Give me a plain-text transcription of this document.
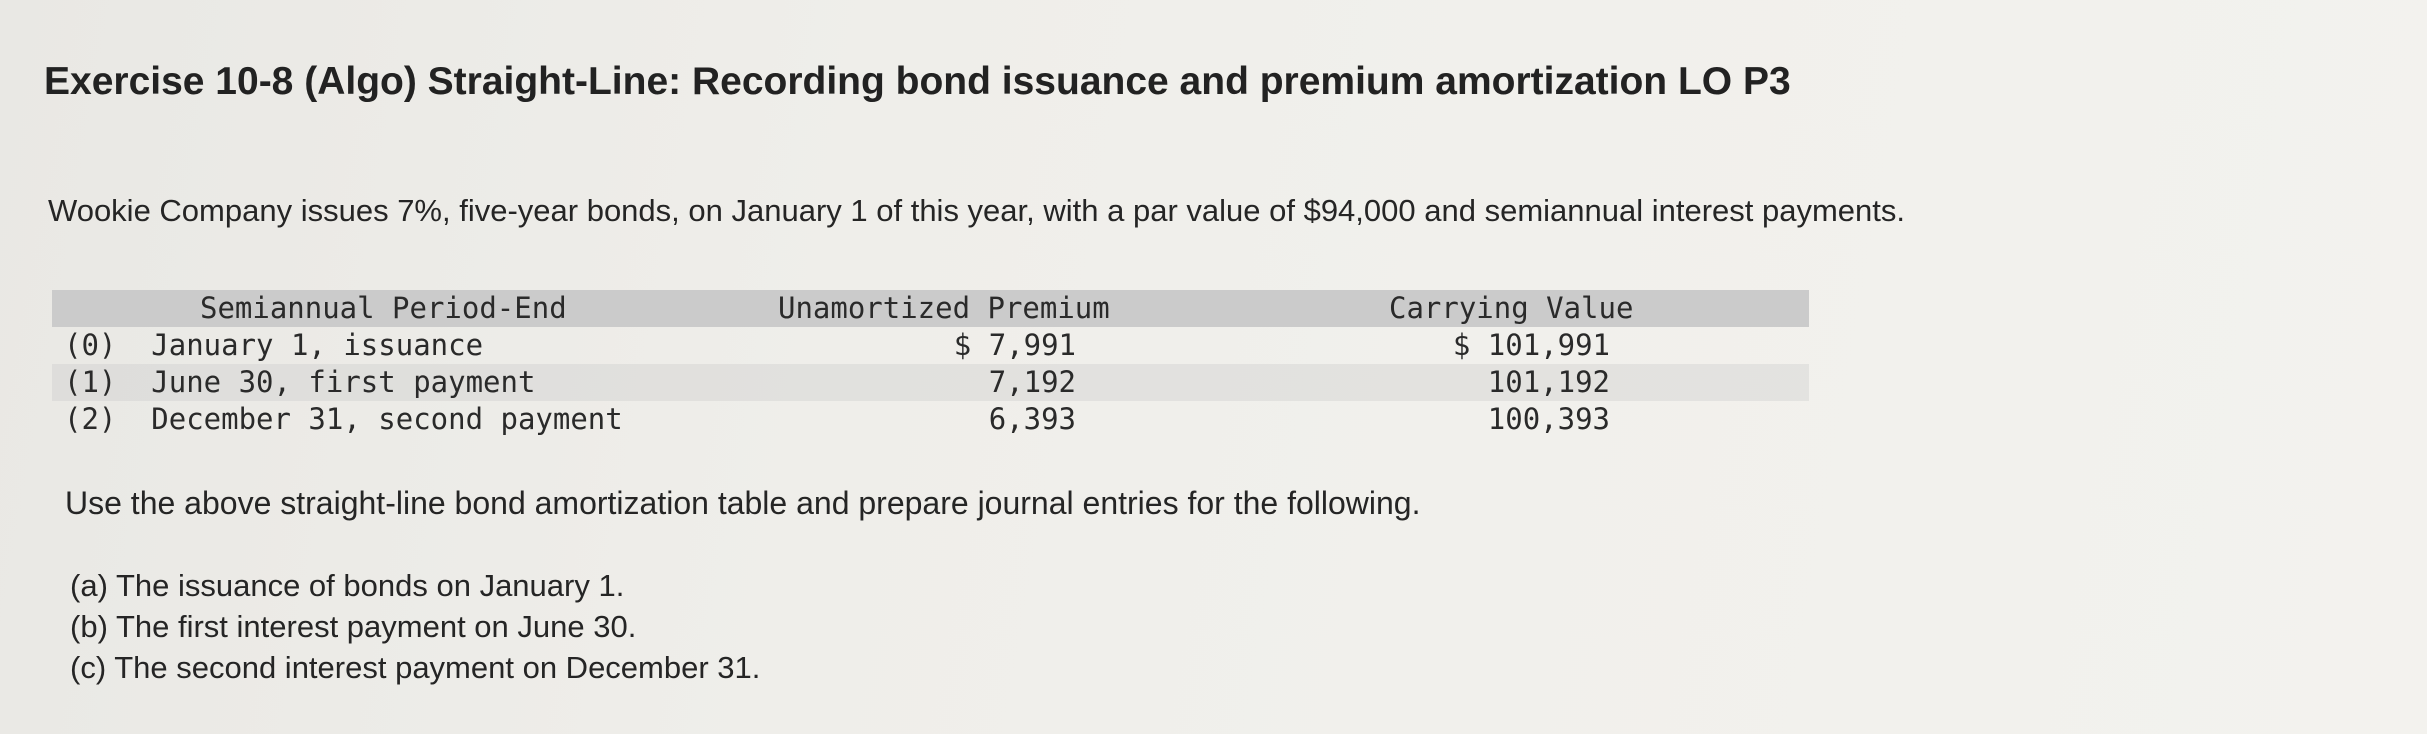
Exercise 10-8 (Algo) Straight-Line: Recording bond issuance and premium amortization LO P3
Wookie Company issues 7%, five-year bonds, on January 1 of this year, with a par value of $94,000 and semiannual interest payments.
Semiannual Period-End	Unamortized Premium	Carrying Value
(0)  January 1, issuance	$ 7,991	$ 101,991
(1)  June 30, first payment	7,192	101,192
(2)  December 31, second payment	6,393	100,393
Use the above straight-line bond amortization table and prepare journal entries for the following.
(a) The issuance of bonds on January 1.
(b) The first interest payment on June 30.
(c) The second interest payment on December 31.
